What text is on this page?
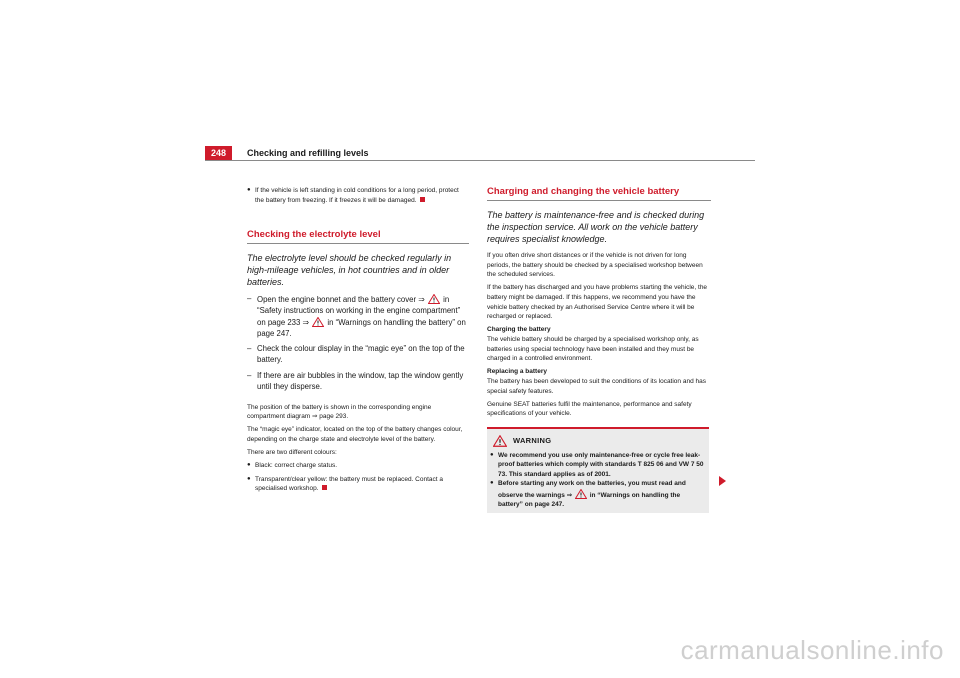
248 Checking and refilling levels

● If the vehicle is left standing in cold conditions for a long period, protect the battery from freezing. If it freezes it will be damaged.

Checking the electrolyte level

The electrolyte level should be checked regularly in high-mileage vehicles, in hot countries and in older batteries.

– Open the engine bonnet and the battery cover ⇒ in “Safety instructions on working in the engine compartment” on page 233 ⇒ in “Warnings on handling the battery” on page 247.

– Check the colour display in the “magic eye” on the top of the battery.

– If there are air bubbles in the window, tap the window gently until they disperse.

The position of the battery is shown in the corresponding engine compartment diagram ⇒ page 293.

The “magic eye” indicator, located on the top of the battery changes colour, depending on the charge state and electrolyte level of the battery.

There are two different colours:

● Black: correct charge status.

● Transparent/clear yellow: the battery must be replaced. Contact a specialised workshop.

Charging and changing the vehicle battery

The battery is maintenance-free and is checked during the inspection service. All work on the vehicle battery requires specialist knowledge.

If you often drive short distances or if the vehicle is not driven for long periods, the battery should be checked by a specialised workshop between the scheduled services.

If the battery has discharged and you have problems starting the vehicle, the battery might be damaged. If this happens, we recommend you have the vehicle battery checked by an Authorised Service Centre where it will be recharged or replaced.

Charging the battery

The vehicle battery should be charged by a specialised workshop only, as batteries using special technology have been installed and they must be charged in a controlled environment.

Replacing a battery

The battery has been developed to suit the conditions of its location and has special safety features.

Genuine SEAT batteries fulfil the maintenance, performance and safety specifications of your vehicle.

WARNING

● We recommend you use only maintenance-free or cycle free leak-proof batteries which comply with standards T 825 06 and VW 7 50 73. This standard applies as of 2001.

● Before starting any work on the batteries, you must read and observe the warnings ⇒	in “Warnings on handling the battery” on page 247.

carmanualsonline.info
